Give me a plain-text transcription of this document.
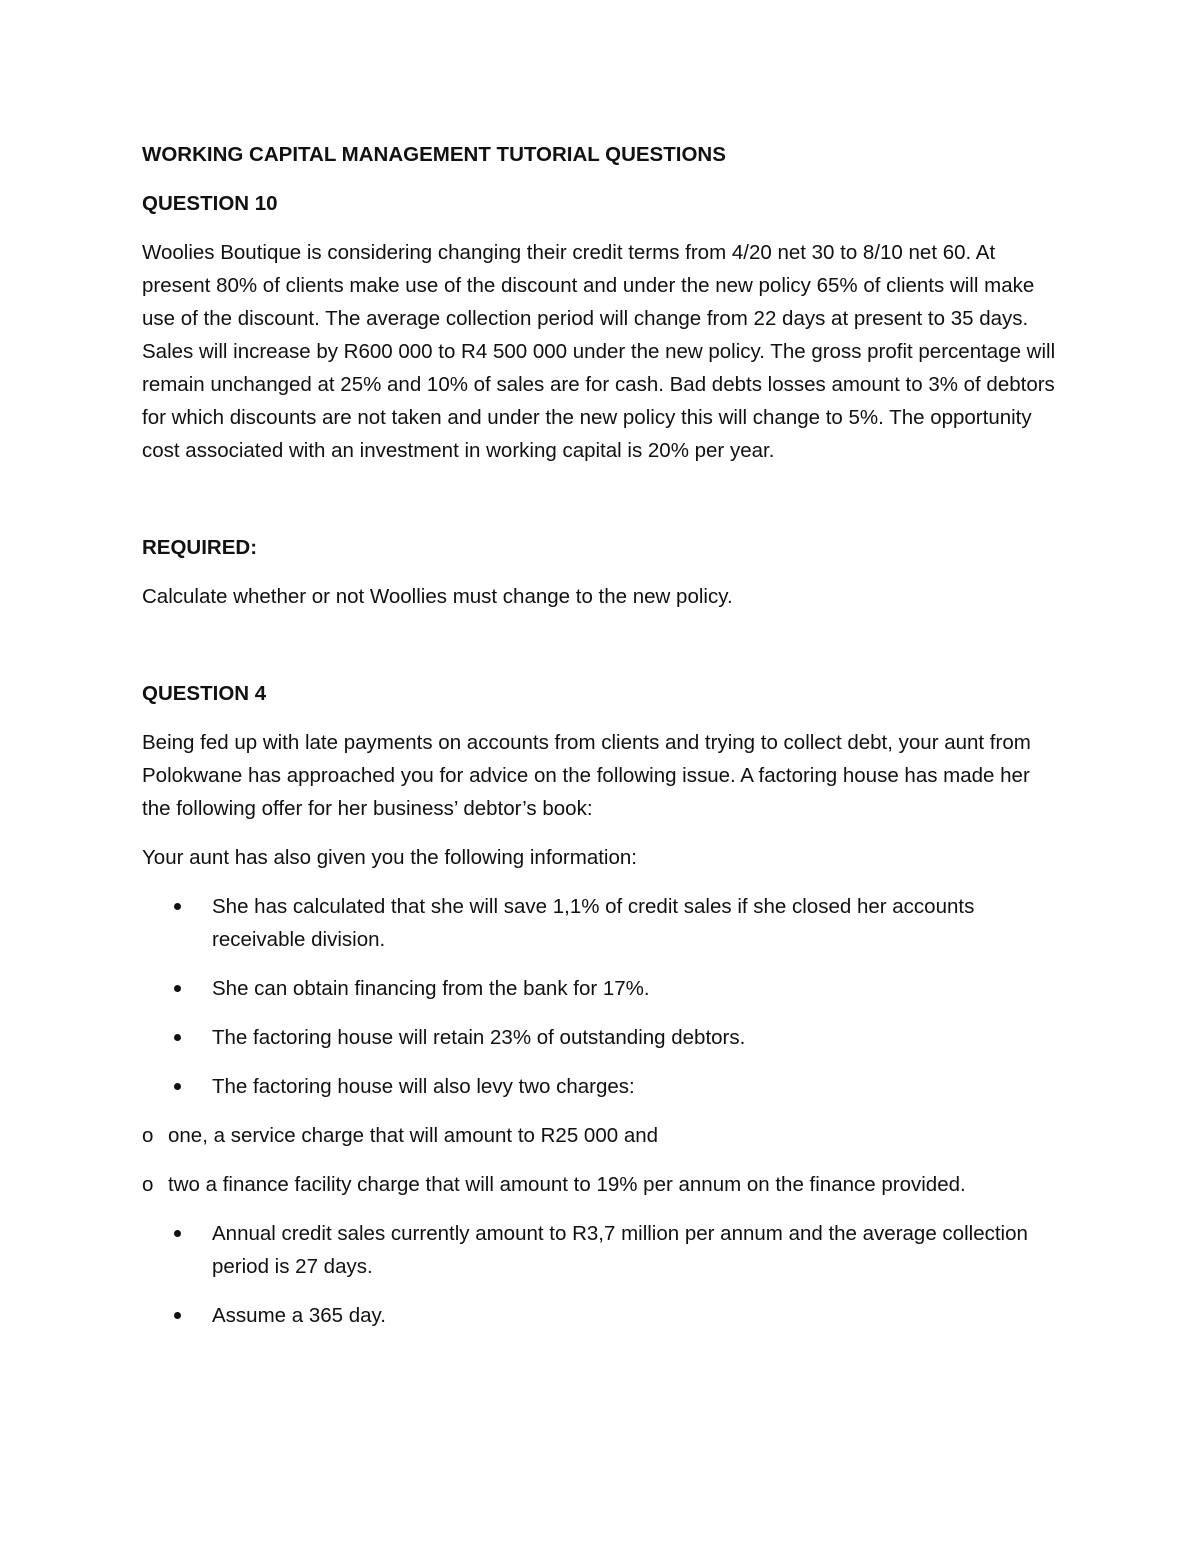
WORKING CAPITAL MANAGEMENT TUTORIAL QUESTIONS

QUESTION 10

Woolies Boutique is considering changing their credit terms from 4/20 net 30 to 8/10 net 60. At present 80% of clients make use of the discount and under the new policy 65% of clients will make use of the discount. The average collection period will change from 22 days at present to 35 days. Sales will increase by R600 000 to R4 500 000 under the new policy. The gross profit percentage will remain unchanged at 25% and 10% of sales are for cash. Bad debts losses amount to 3% of debtors for which discounts are not taken and under the new policy this will change to 5%. The opportunity cost associated with an investment in working capital is 20% per year.

REQUIRED:

Calculate whether or not Woollies must change to the new policy.

QUESTION 4

Being fed up with late payments on accounts from clients and trying to collect debt, your aunt from Polokwane has approached you for advice on the following issue. A factoring house has made her the following offer for her business’ debtor’s book:

Your aunt has also given you the following information:

She has calculated that she will save 1,1% of credit sales if she closed her accounts receivable division.
She can obtain financing from the bank for 17%.
The factoring house will retain 23% of outstanding debtors.
The factoring house will also levy two charges:

o one, a service charge that will amount to R25 000 and

o two a finance facility charge that will amount to 19% per annum on the finance provided.

Annual credit sales currently amount to R3,7 million per annum and the average collection period is 27 days.
Assume a 365 day.
